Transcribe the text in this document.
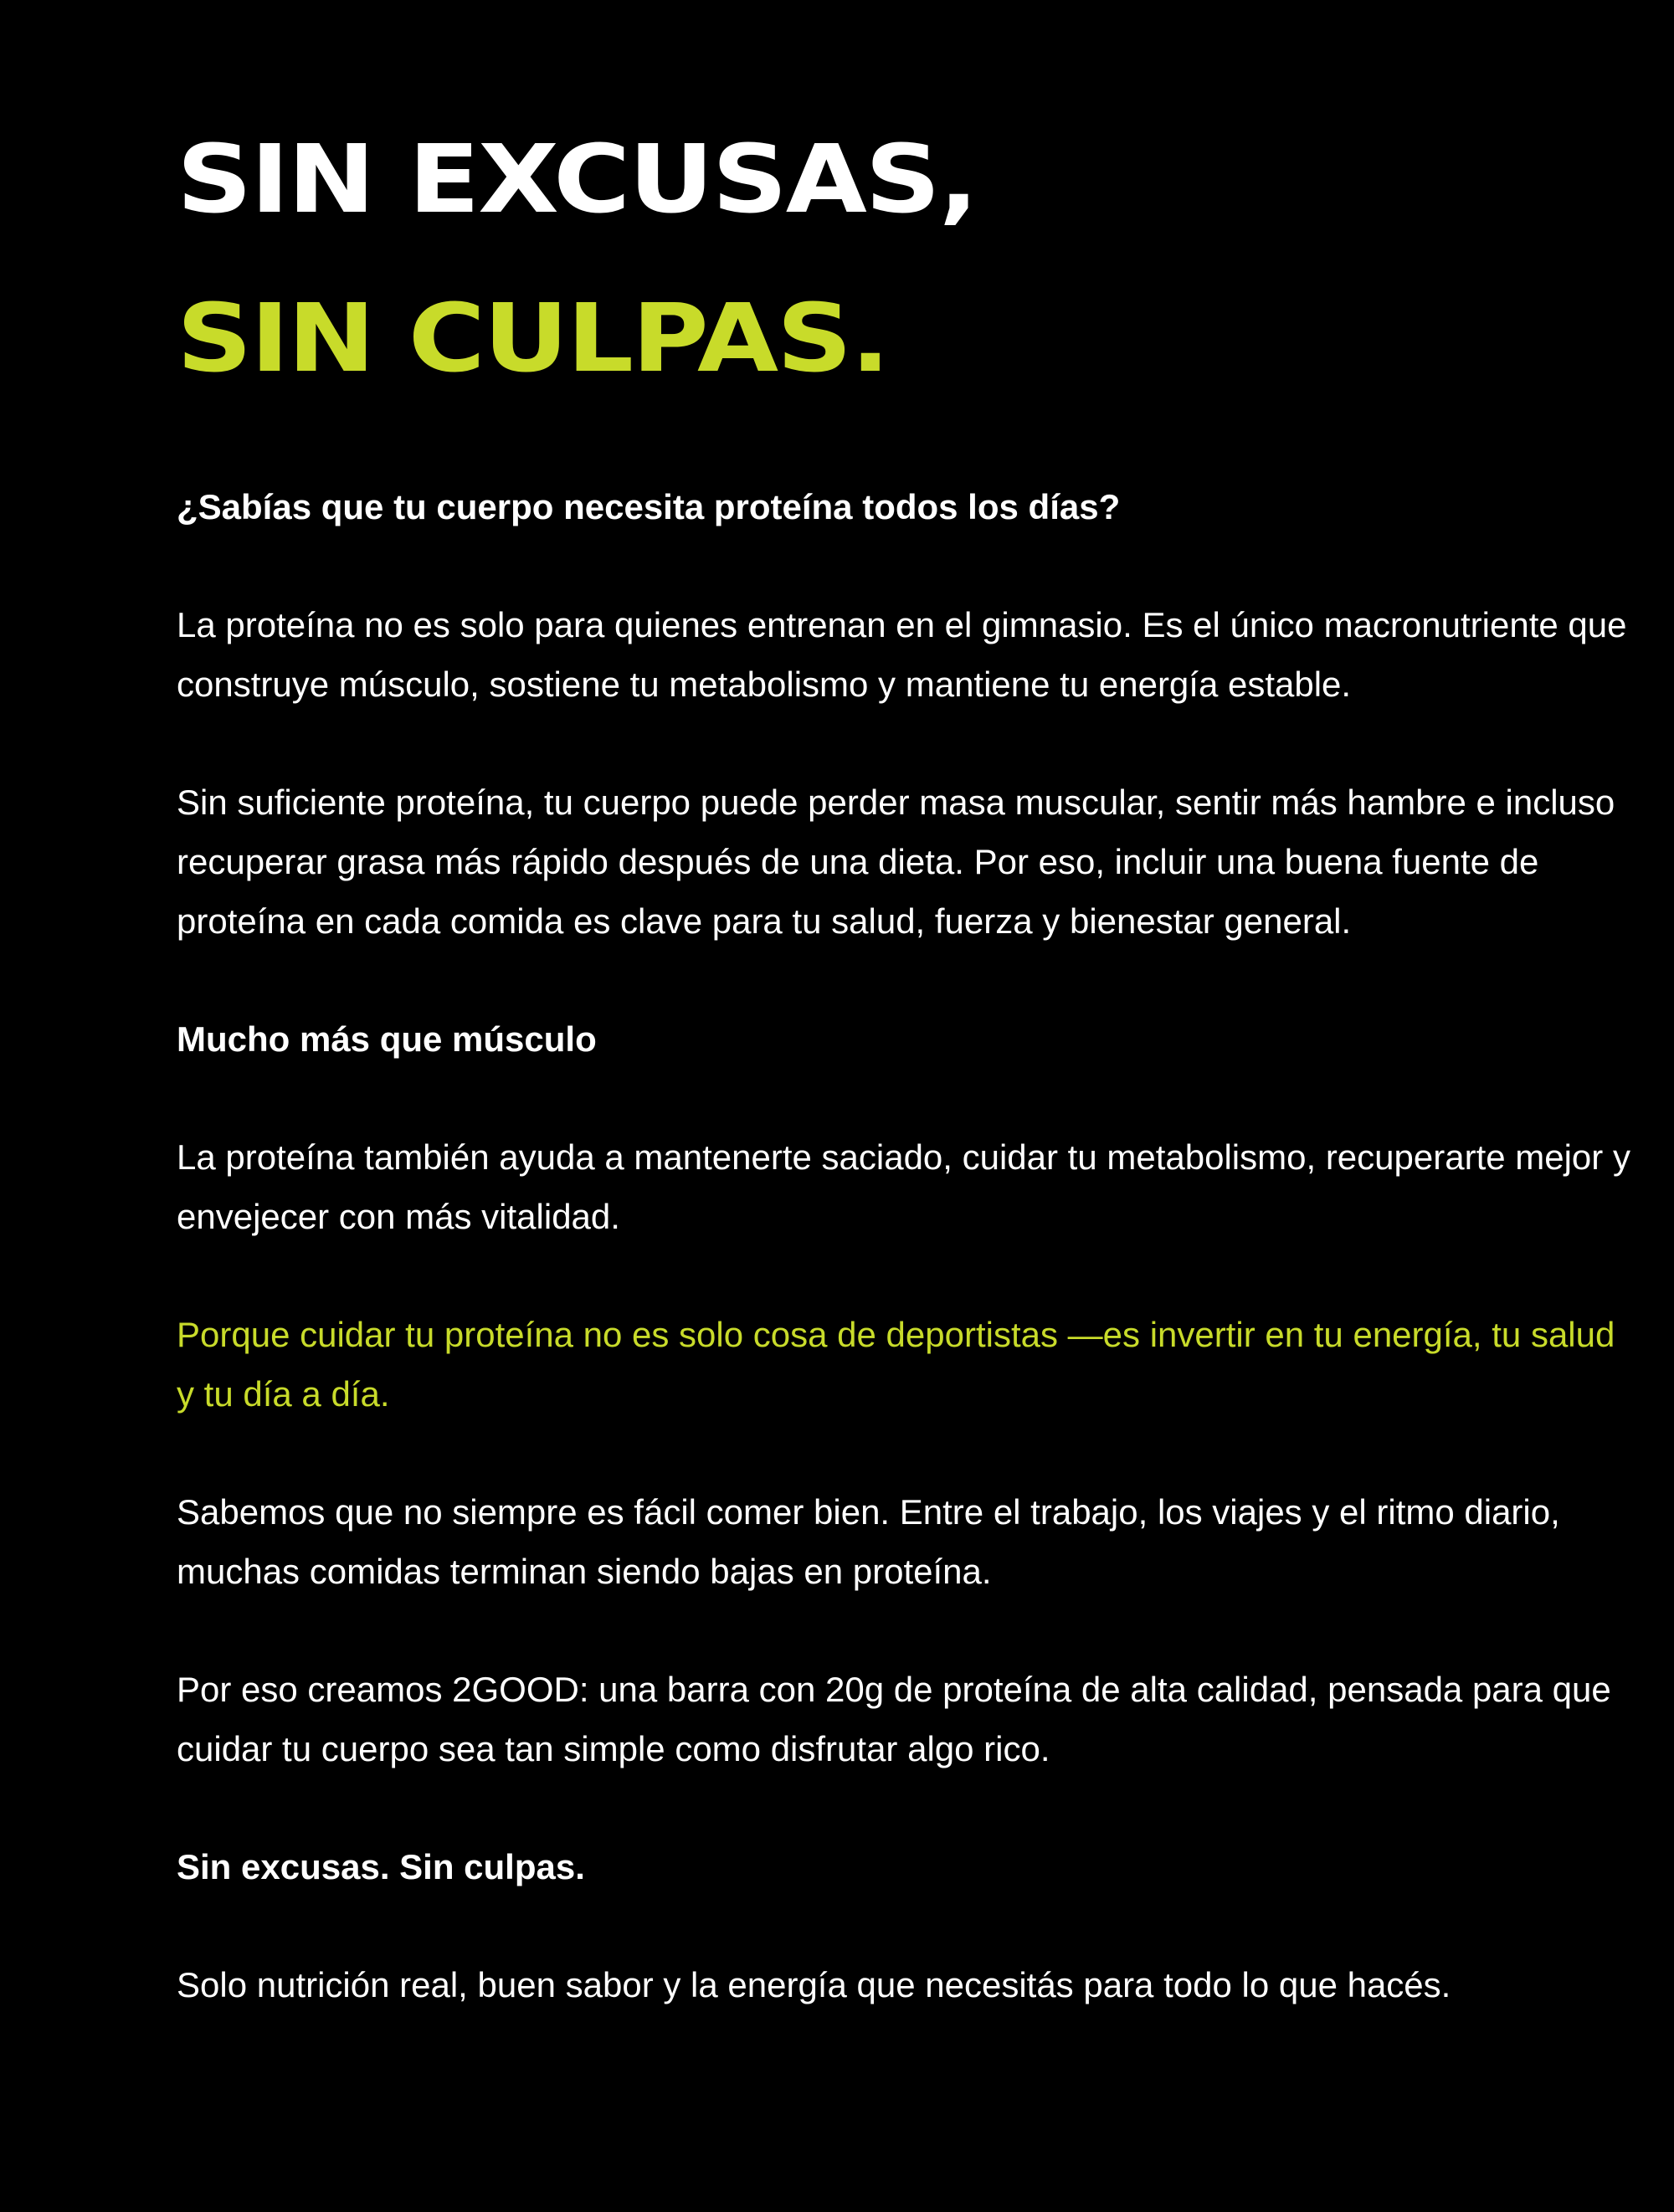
SIN EXCUSAS,
SIN CULPAS.

¿Sabías que tu cuerpo necesita proteína todos los días?

La proteína no es solo para quienes entrenan en el gimnasio. Es el único macronutriente que construye músculo, sostiene tu metabolismo y mantiene tu energía estable.

Sin suficiente proteína, tu cuerpo puede perder masa muscular, sentir más hambre e incluso recuperar grasa más rápido después de una dieta. Por eso, incluir una buena fuente de proteína en cada comida es clave para tu salud, fuerza y bienestar general.

Mucho más que músculo

La proteína también ayuda a mantenerte saciado, cuidar tu metabolismo, recuperarte mejor y envejecer con más vitalidad.

Porque cuidar tu proteína no es solo cosa de deportistas —es invertir en tu energía, tu salud y tu día a día.

Sabemos que no siempre es fácil comer bien. Entre el trabajo, los viajes y el ritmo diario, muchas comidas terminan siendo bajas en proteína.

Por eso creamos 2GOOD: una barra con 20g de proteína de alta calidad, pensada para que cuidar tu cuerpo sea tan simple como disfrutar algo rico.

Sin excusas. Sin culpas.

Solo nutrición real, buen sabor y la energía que necesitás para todo lo que hacés.
